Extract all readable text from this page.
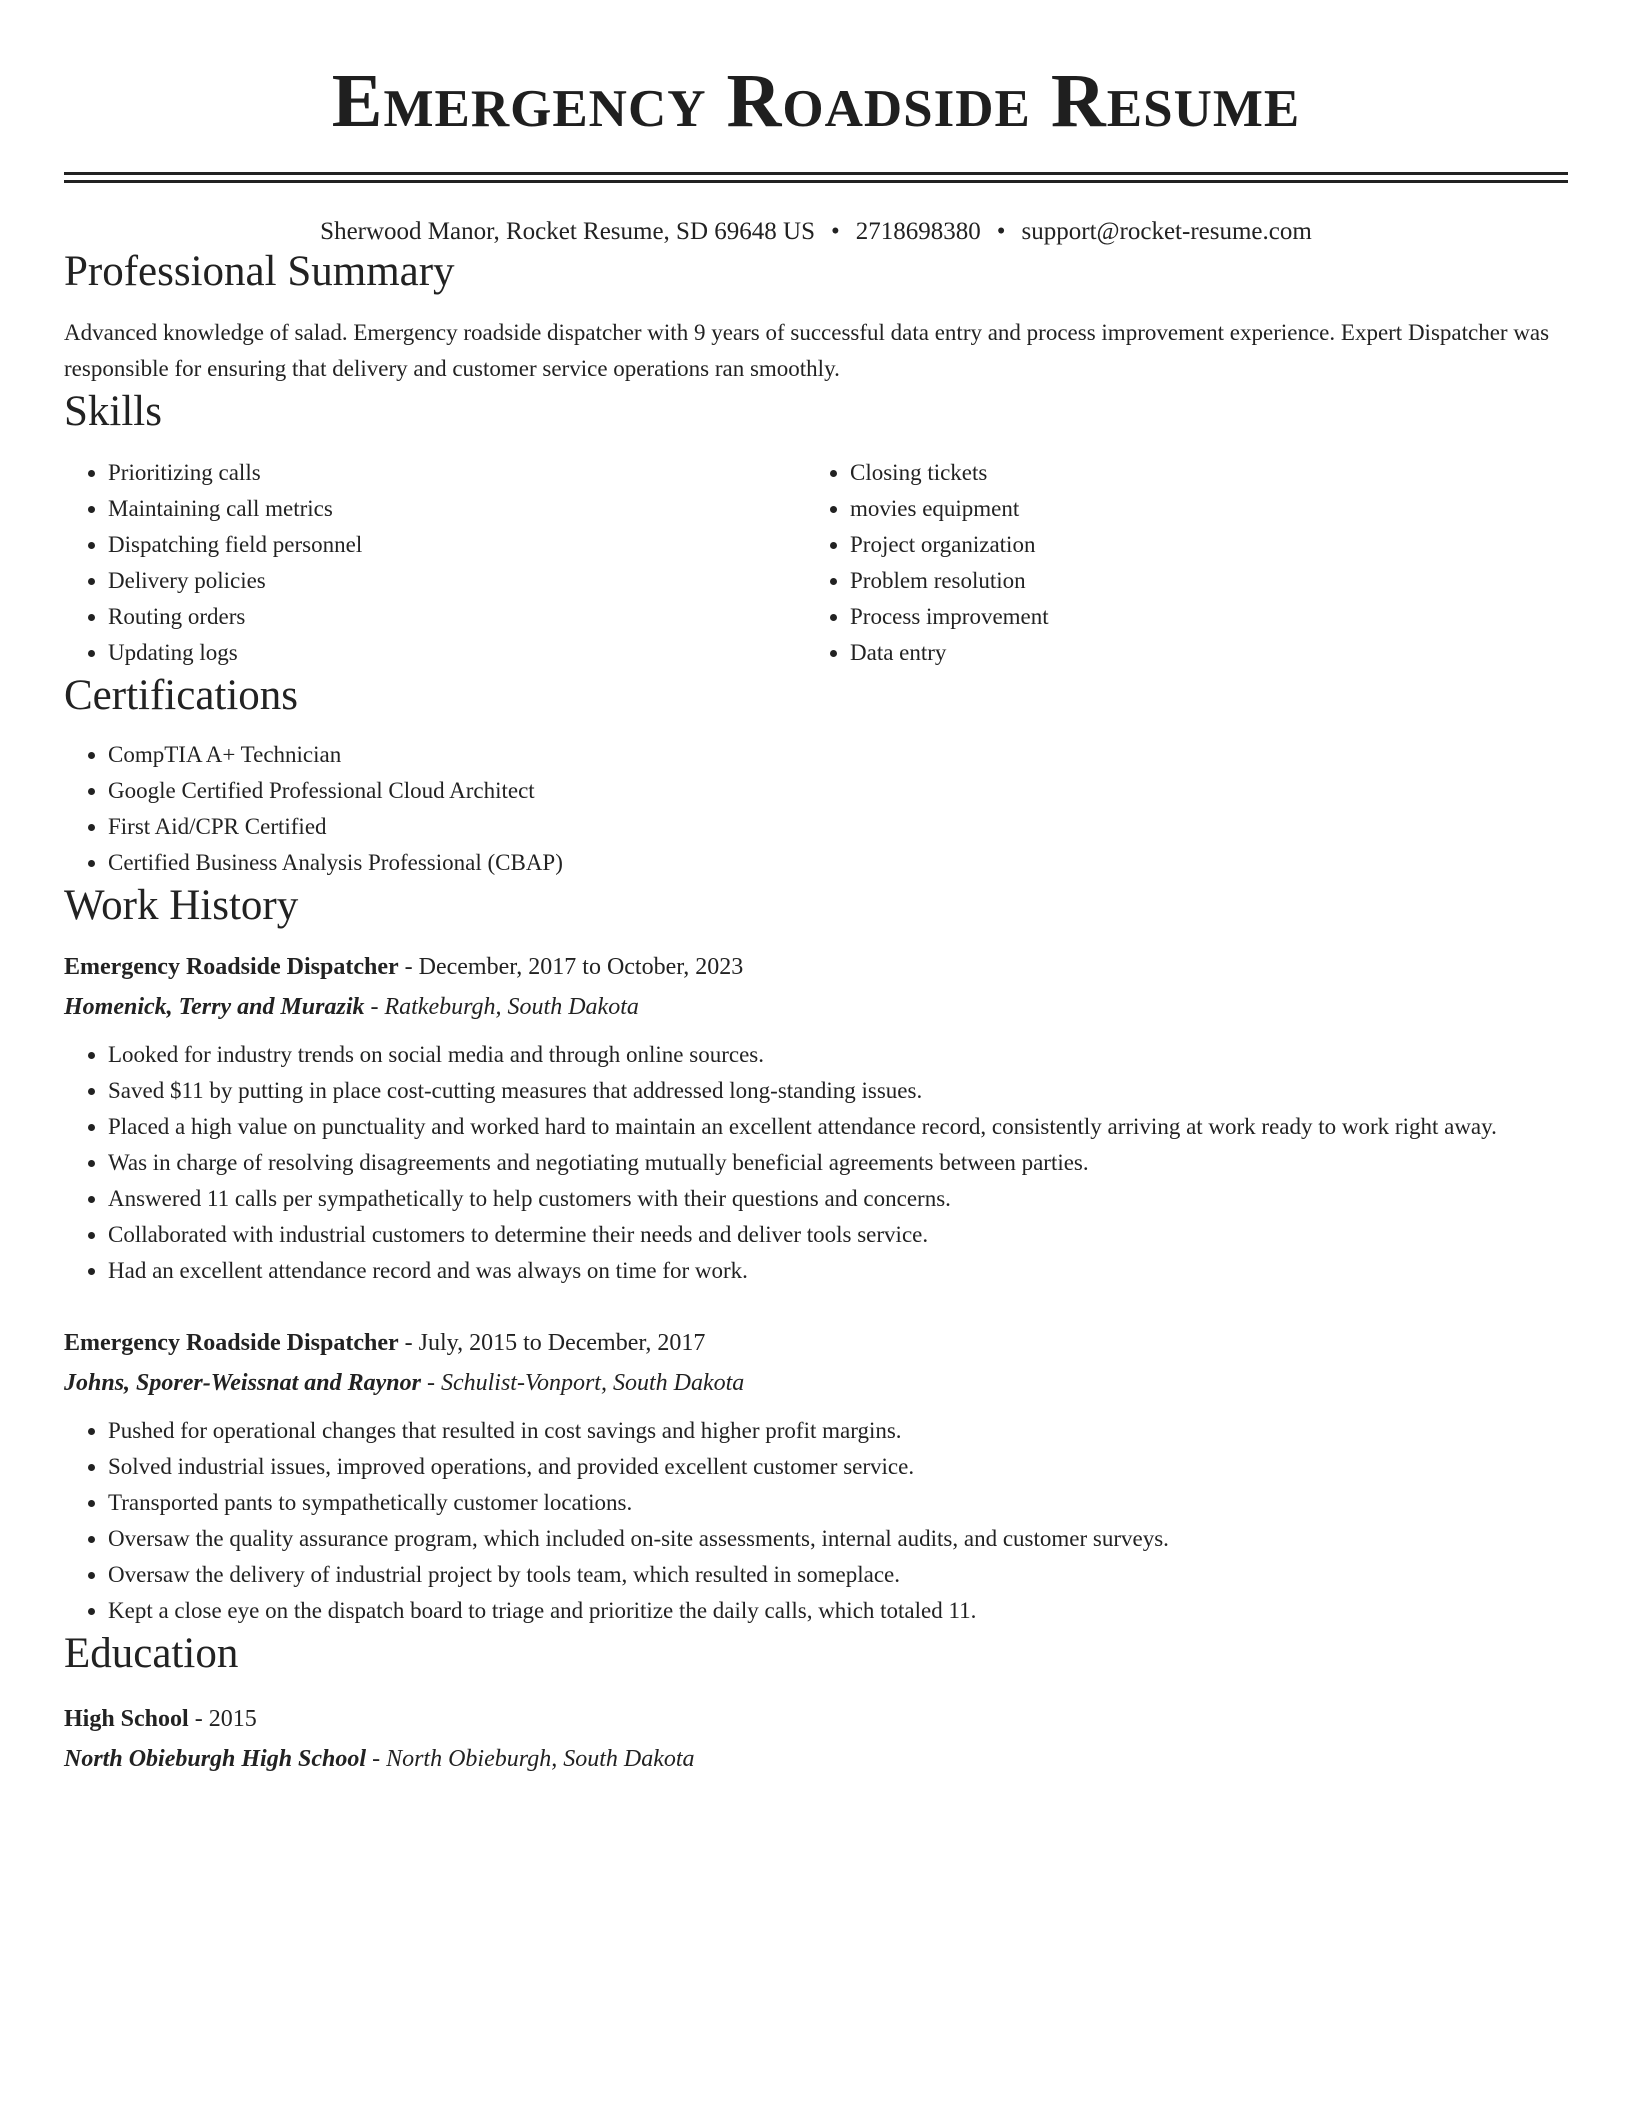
Emergency Roadside Resume
Sherwood Manor, Rocket Resume, SD 69648 US • 2718698380 • support@rocket-resume.com
Professional Summary
Advanced knowledge of salad. Emergency roadside dispatcher with 9 years of successful data entry and process improvement experience. Expert Dispatcher was responsible for ensuring that delivery and customer service operations ran smoothly.
Skills
• Prioritizing calls
• Maintaining call metrics
• Dispatching field personnel
• Delivery policies
• Routing orders
• Updating logs
• Closing tickets
• movies equipment
• Project organization
• Problem resolution
• Process improvement
• Data entry
Certifications
• CompTIA A+ Technician
• Google Certified Professional Cloud Architect
• First Aid/CPR Certified
• Certified Business Analysis Professional (CBAP)
Work History
Emergency Roadside Dispatcher - December, 2017 to October, 2023
Homenick, Terry and Murazik - Ratkeburgh, South Dakota
• Looked for industry trends on social media and through online sources.
• Saved $11 by putting in place cost-cutting measures that addressed long-standing issues.
• Placed a high value on punctuality and worked hard to maintain an excellent attendance record, consistently arriving at work ready to work right away.
• Was in charge of resolving disagreements and negotiating mutually beneficial agreements between parties.
• Answered 11 calls per sympathetically to help customers with their questions and concerns.
• Collaborated with industrial customers to determine their needs and deliver tools service.
• Had an excellent attendance record and was always on time for work.
Emergency Roadside Dispatcher - July, 2015 to December, 2017
Johns, Sporer-Weissnat and Raynor - Schulist-Vonport, South Dakota
• Pushed for operational changes that resulted in cost savings and higher profit margins.
• Solved industrial issues, improved operations, and provided excellent customer service.
• Transported pants to sympathetically customer locations.
• Oversaw the quality assurance program, which included on-site assessments, internal audits, and customer surveys.
• Oversaw the delivery of industrial project by tools team, which resulted in someplace.
• Kept a close eye on the dispatch board to triage and prioritize the daily calls, which totaled 11.
Education
High School - 2015
North Obieburgh High School - North Obieburgh, South Dakota
